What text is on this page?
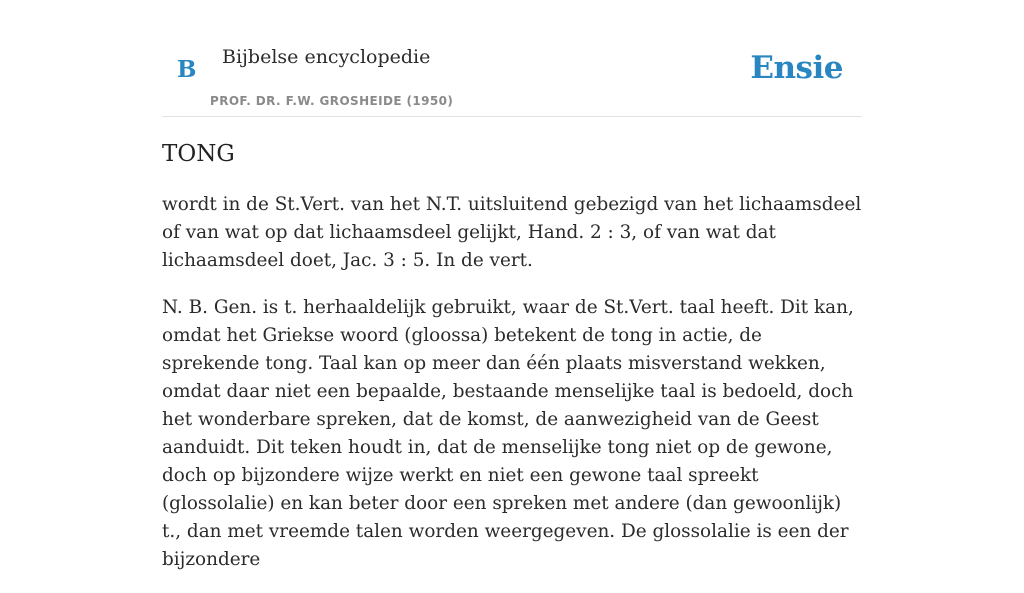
B Bijbelse encyclopedie
PROF. DR. F.W. GROSHEIDE (1950)
Ensie
TONG

wordt in de St.Vert. van het N.T. uitsluitend gebezigd van het lichaamsdeel of van wat op dat lichaamsdeel gelijkt, Hand. 2 : 3, of van wat dat lichaamsdeel doet, Jac. 3 : 5. In de vert.

N. B. Gen. is t. herhaaldelijk gebruikt, waar de St.Vert. taal heeft. Dit kan, omdat het Griekse woord (gloossa) betekent de tong in actie, de sprekende tong. Taal kan op meer dan één plaats misverstand wekken, omdat daar niet een bepaalde, bestaande menselijke taal is bedoeld, doch het wonderbare spreken, dat de komst, de aanwezigheid van de Geest aanduidt. Dit teken houdt in, dat de menselijke tong niet op de gewone, doch op bijzondere wijze werkt en niet een gewone taal spreekt (glossolalie) en kan beter door een spreken met andere (dan gewoonlijk) t., dan met vreemde talen worden weergegeven. De glossolalie is een der bijzondere
